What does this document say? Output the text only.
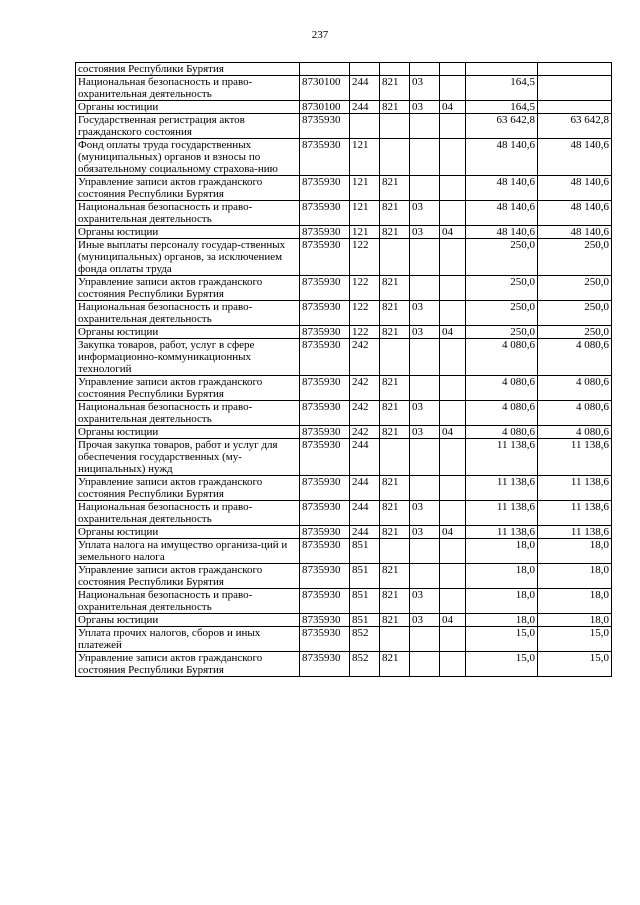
237
состояния Республики Бурятия							
Национальная безопасность и право-охранительная деятельность	8730100	244	821	03		164,5	
Органы юстиции	8730100	244	821	03	04	164,5	
Государственная регистрация актов гражданского состояния	8735930					63 642,8	63 642,8
Фонд оплаты труда государственных (муниципальных) органов и взносы по обязательному социальному страхова-нию	8735930	121				48 140,6	48 140,6
Управление записи актов гражданского состояния Республики Бурятия	8735930	121	821			48 140,6	48 140,6
Национальная безопасность и право-охранительная деятельность	8735930	121	821	03		48 140,6	48 140,6
Органы юстиции	8735930	121	821	03	04	48 140,6	48 140,6
Иные выплаты персоналу государ-ственных (муниципальных) органов, за исключением фонда оплаты труда	8735930	122				250,0	250,0
Управление записи актов гражданского состояния Республики Бурятия	8735930	122	821			250,0	250,0
Национальная безопасность и право-охранительная деятельность	8735930	122	821	03		250,0	250,0
Органы юстиции	8735930	122	821	03	04	250,0	250,0
Закупка товаров, работ, услуг в сфере информационно-коммуникационных технологий	8735930	242				4 080,6	4 080,6
Управление записи актов гражданского состояния Республики Бурятия	8735930	242	821			4 080,6	4 080,6
Национальная безопасность и право-охранительная деятельность	8735930	242	821	03		4 080,6	4 080,6
Органы юстиции	8735930	242	821	03	04	4 080,6	4 080,6
Прочая закупка товаров, работ и услуг для обеспечения государственных (му-ниципальных) нужд	8735930	244				11 138,6	11 138,6
Управление записи актов гражданского состояния Республики Бурятия	8735930	244	821			11 138,6	11 138,6
Национальная безопасность и право-охранительная деятельность	8735930	244	821	03		11 138,6	11 138,6
Органы юстиции	8735930	244	821	03	04	11 138,6	11 138,6
Уплата налога на имущество организа-ций и земельного налога	8735930	851				18,0	18,0
Управление записи актов гражданского состояния Республики Бурятия	8735930	851	821			18,0	18,0
Национальная безопасность и право-охранительная деятельность	8735930	851	821	03		18,0	18,0
Органы юстиции	8735930	851	821	03	04	18,0	18,0
Уплата прочих налогов, сборов и иных платежей	8735930	852				15,0	15,0
Управление записи актов гражданского состояния Республики Бурятия	8735930	852	821			15,0	15,0
